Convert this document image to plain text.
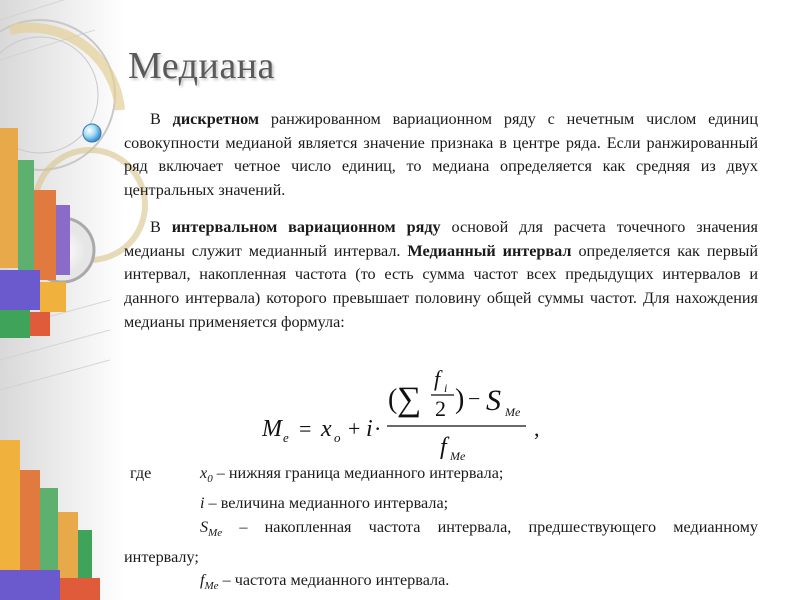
Медиана

В дискретном ранжированном вариационном ряду с нечетным числом единиц совокупности медианой является значение признака в центре ряда. Если ранжированный ряд включает четное число единиц, то медиана определяется как средняя из двух центральных значений.

В интервальном вариационном ряду основой для расчета точечного значения медианы служит медианный интервал. Медианный интервал определяется как первый интервал, накопленная частота (то есть сумма частот всех предыдущих интервалов и данного интервала) которого превышает половину общей суммы частот. Для нахождения медианы применяется формула:

M e = x o + i ·
( ∑
f i
2 ) − S Me
f Me
,
где	$x_0$ – нижняя граница медианного интервала;
i – величина медианного интервала;
$S_{Me}$ – накопленная частота интервала, предшествующего медианному интервалу;
$f_{Me}$ – частота медианного интервала.
